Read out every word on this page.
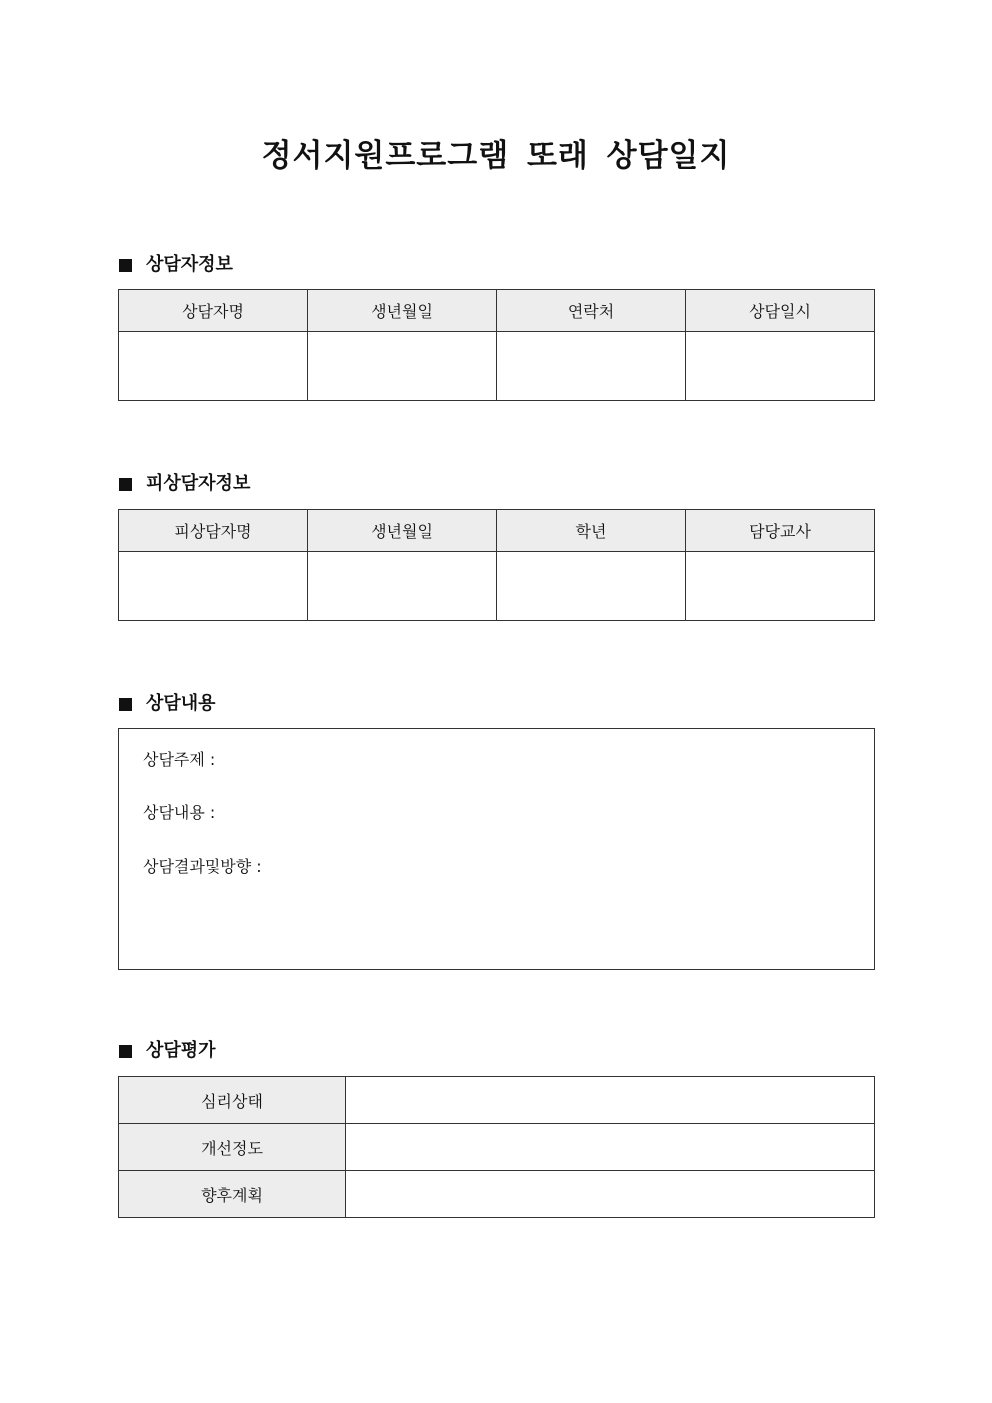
정서지원프로그램 또래 상담일지
상담자정보
상담자명	생년월일	연락처	상담일시

피상담자정보
피상담자명	생년월일	학년	담당교사

상담내용
상담주제 :
상담내용 :
상담결과및방향 :
상담평가
심리상태	
개선정도	
향후계획	
